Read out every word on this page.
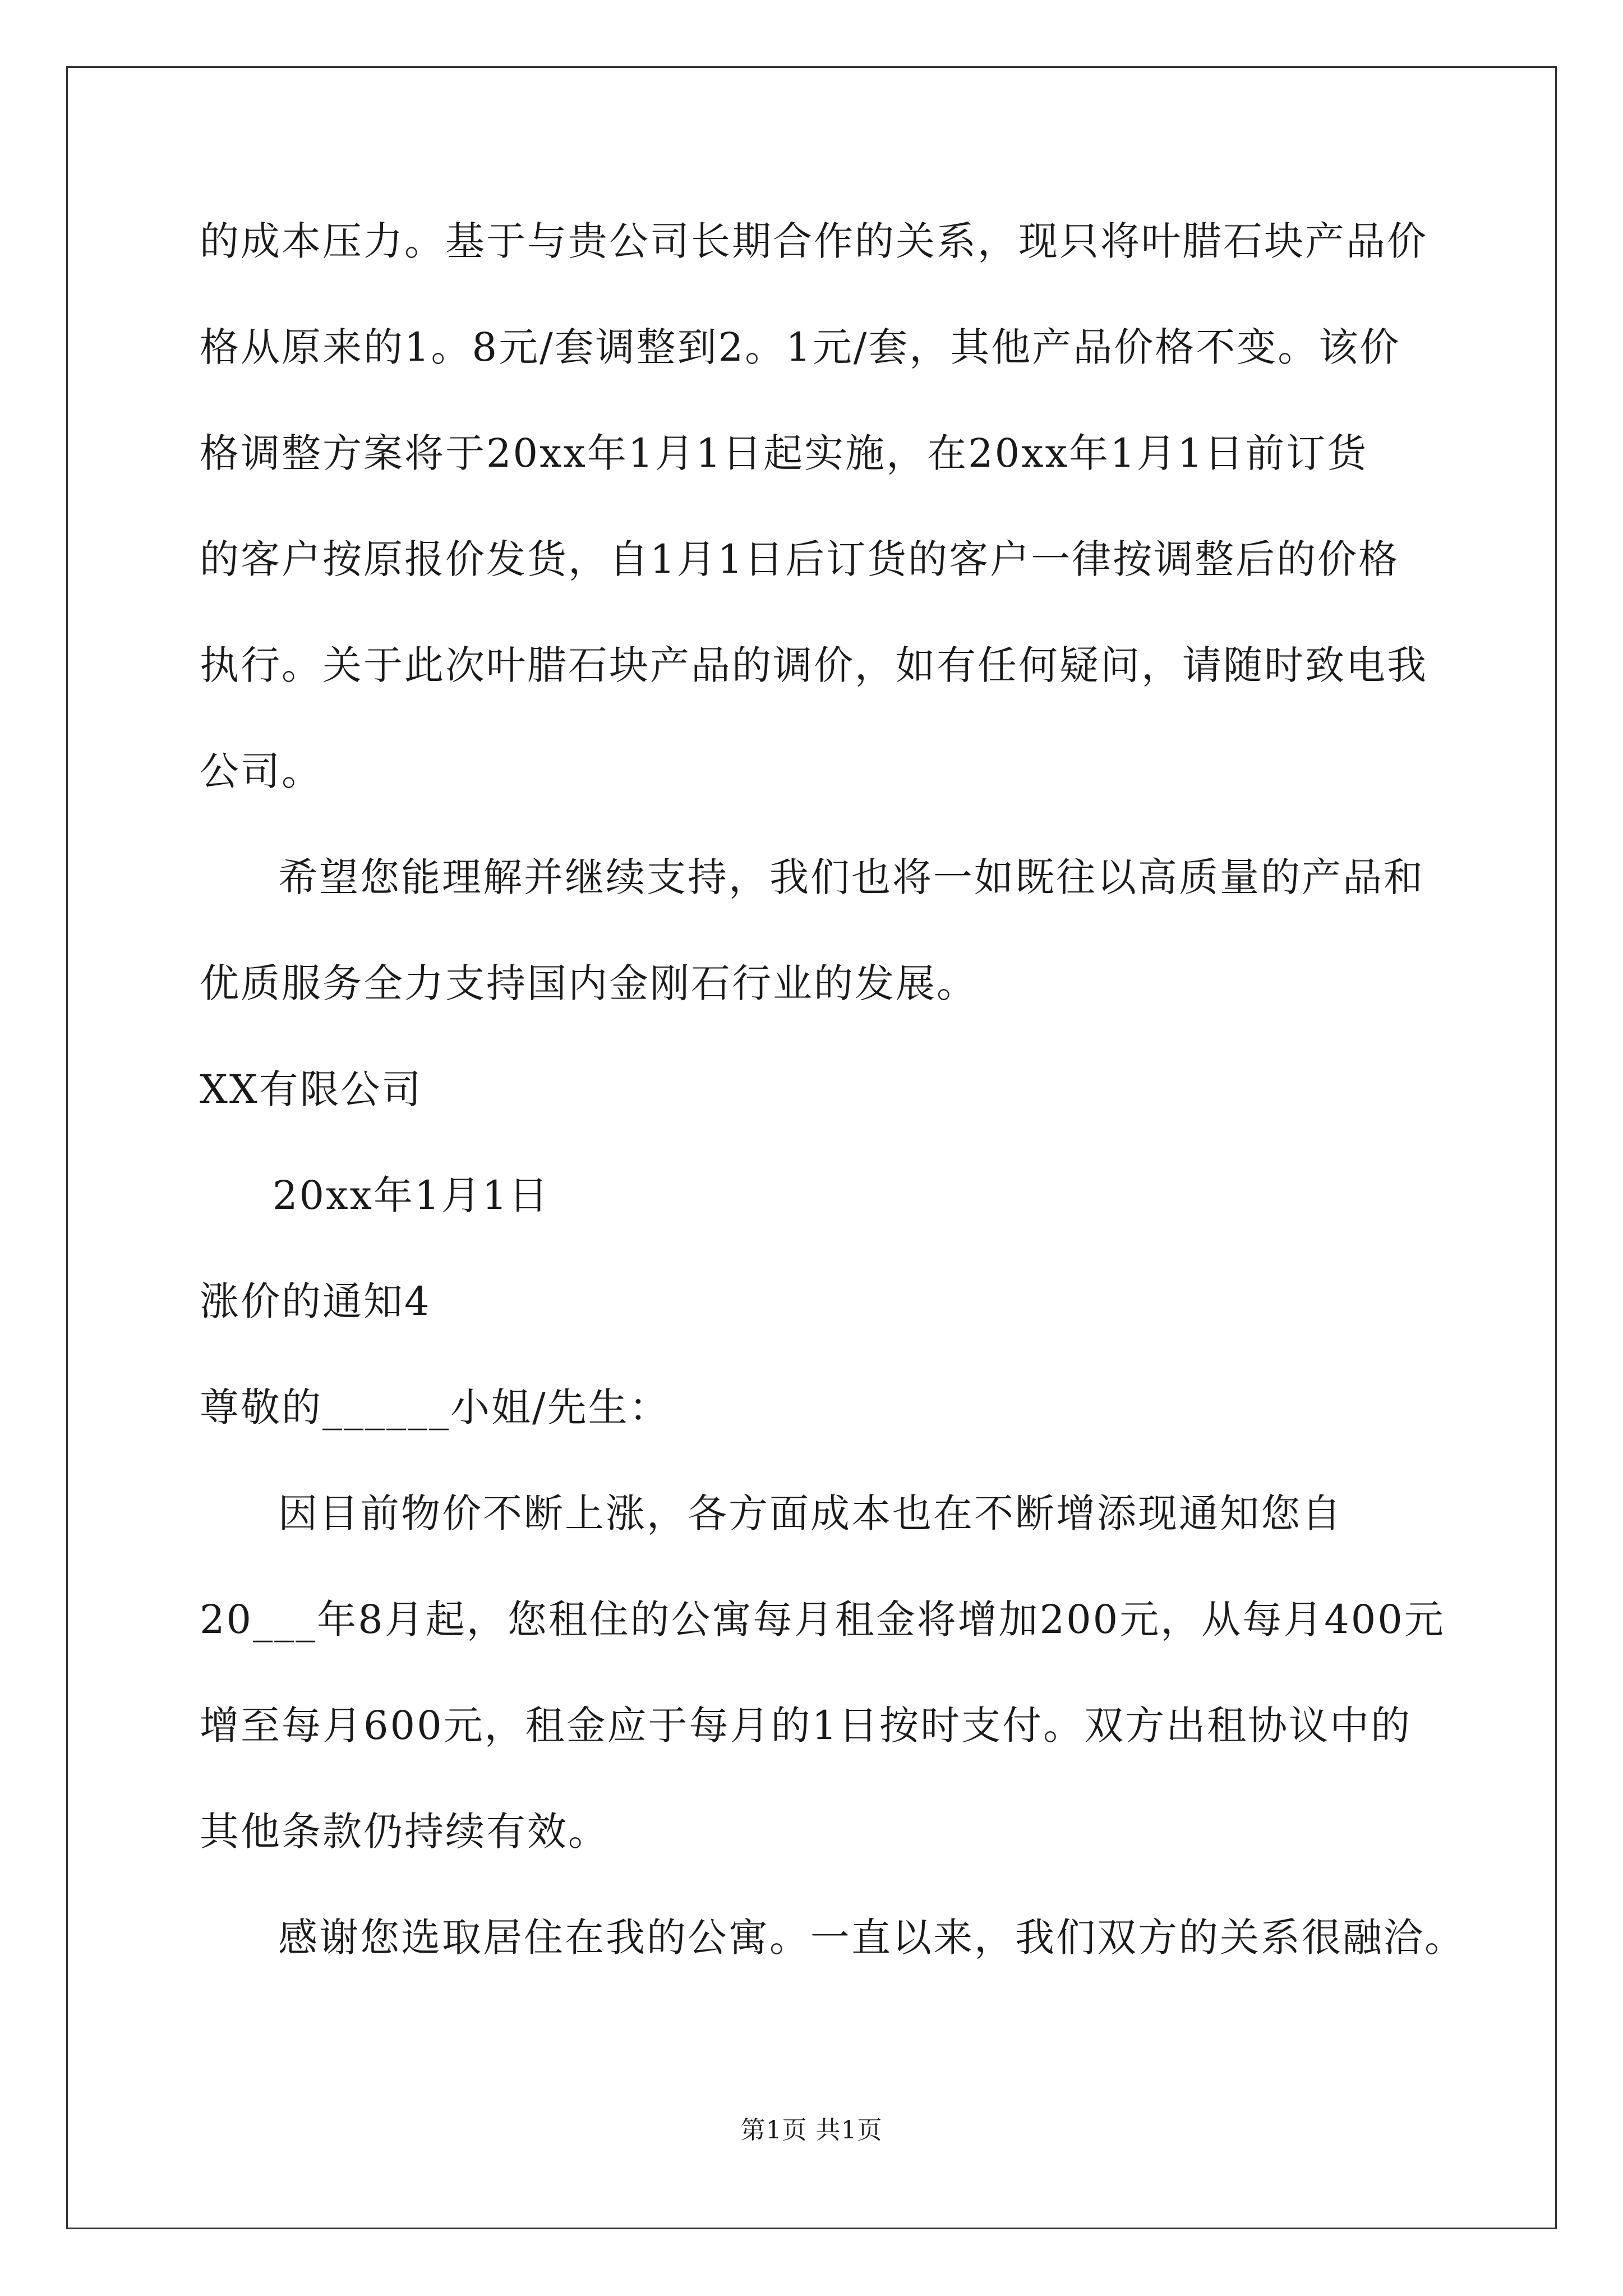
的成本压力。基于与贵公司长期合作的关系，现只将叶腊石块产品价
格从原来的1。8元/套调整到2。1元/套，其他产品价格不变。该价
格调整方案将于20xx年1月1日起实施，在20xx年1月1日前订货
的客户按原报价发货，自1月1日后订货的客户一律按调整后的价格
执行。关于此次叶腊石块产品的调价，如有任何疑问，请随时致电我
公司。
希望您能理解并继续支持，我们也将一如既往以高质量的产品和
优质服务全力支持国内金刚石行业的发展。
XX有限公司
20xx年1月1日
涨价的通知4
尊敬的______小姐/先生：
因目前物价不断上涨，各方面成本也在不断增添现通知您自
20___年8月起，您租住的公寓每月租金将增加200元，从每月400元
增至每月600元，租金应于每月的1日按时支付。双方出租协议中的
其他条款仍持续有效。
感谢您选取居住在我的公寓。一直以来，我们双方的关系很融洽。
第1页 共1页
